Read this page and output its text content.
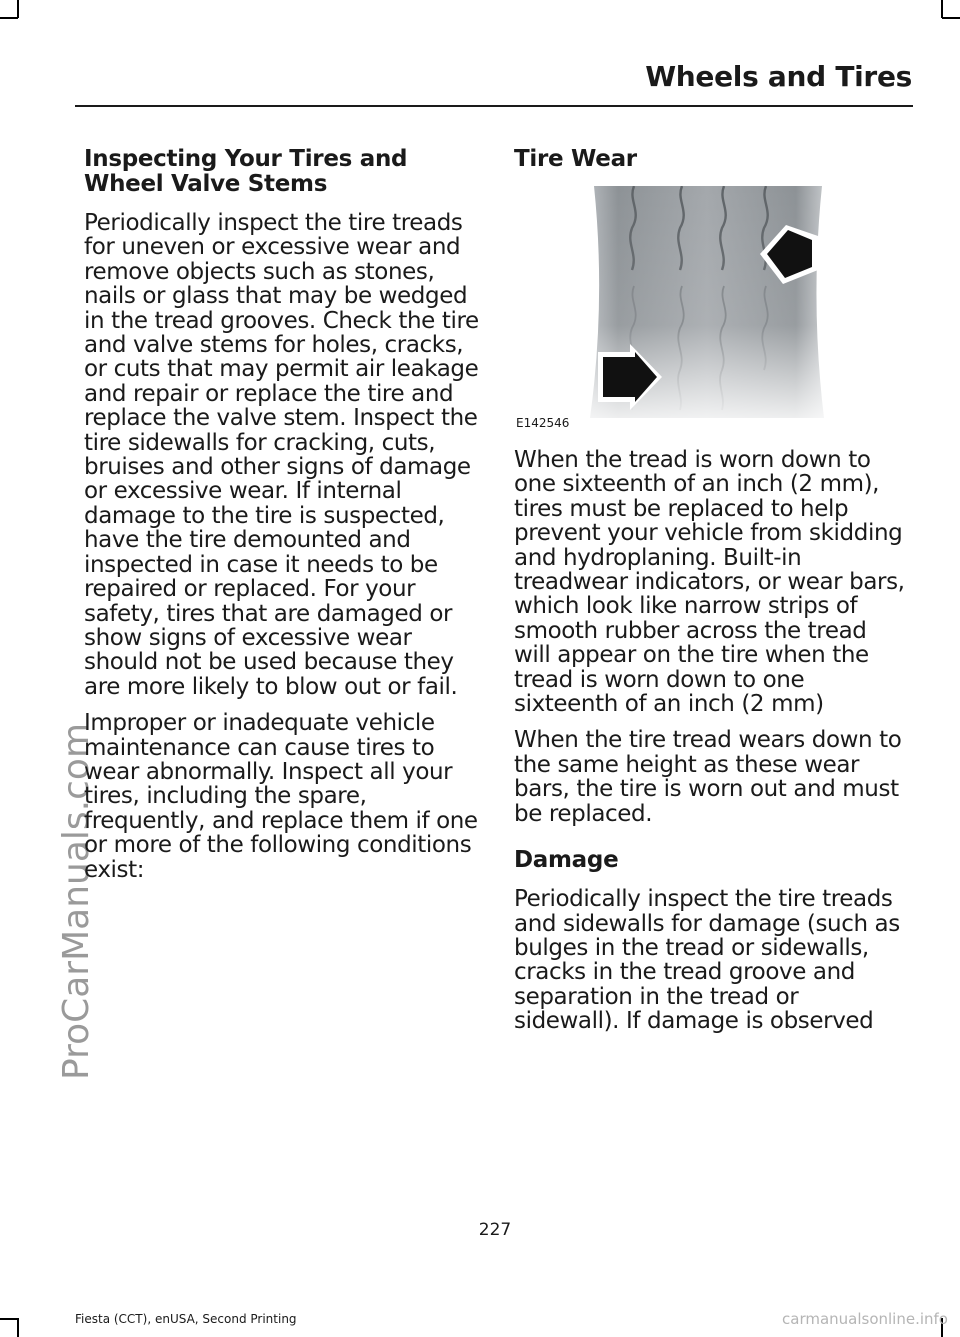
Wheels and Tires
ProCarManuals.com
Inspecting Your Tires and Wheel Valve Stems

Periodically inspect the tire treads for uneven or excessive wear and remove objects such as stones, nails or glass that may be wedged in the tread grooves. Check the tire and valve stems for holes, cracks, or cuts that may permit air leakage and repair or replace the tire and replace the valve stem. Inspect the tire sidewalls for cracking, cuts, bruises and other signs of damage or excessive wear. If internal damage to the tire is suspected, have the tire demounted and inspected in case it needs to be repaired or replaced. For your safety, tires that are damaged or show signs of excessive wear should not be used because they are more likely to blow out or fail.

Improper or inadequate vehicle maintenance can cause tires to wear abnormally. Inspect all your tires, including the spare, frequently, and replace them if one or more of the following conditions exist:

Tire Wear
E142546

When the tread is worn down to one sixteenth of an inch (2 mm), tires must be replaced to help prevent your vehicle from skidding and hydroplaning. Built-in treadwear indicators, or wear bars, which look like narrow strips of smooth rubber across the tread will appear on the tire when the tread is worn down to one sixteenth of an inch (2 mm)

When the tire tread wears down to the same height as these wear bars, the tire is worn out and must be replaced.

Damage

Periodically inspect the tire treads and sidewalls for damage (such as bulges in the tread or sidewalls, cracks in the tread groove and separation in the tread or sidewall). If damage is observed

227
Fiesta (CCT), enUSA, Second Printing	carmanualsonline.info
